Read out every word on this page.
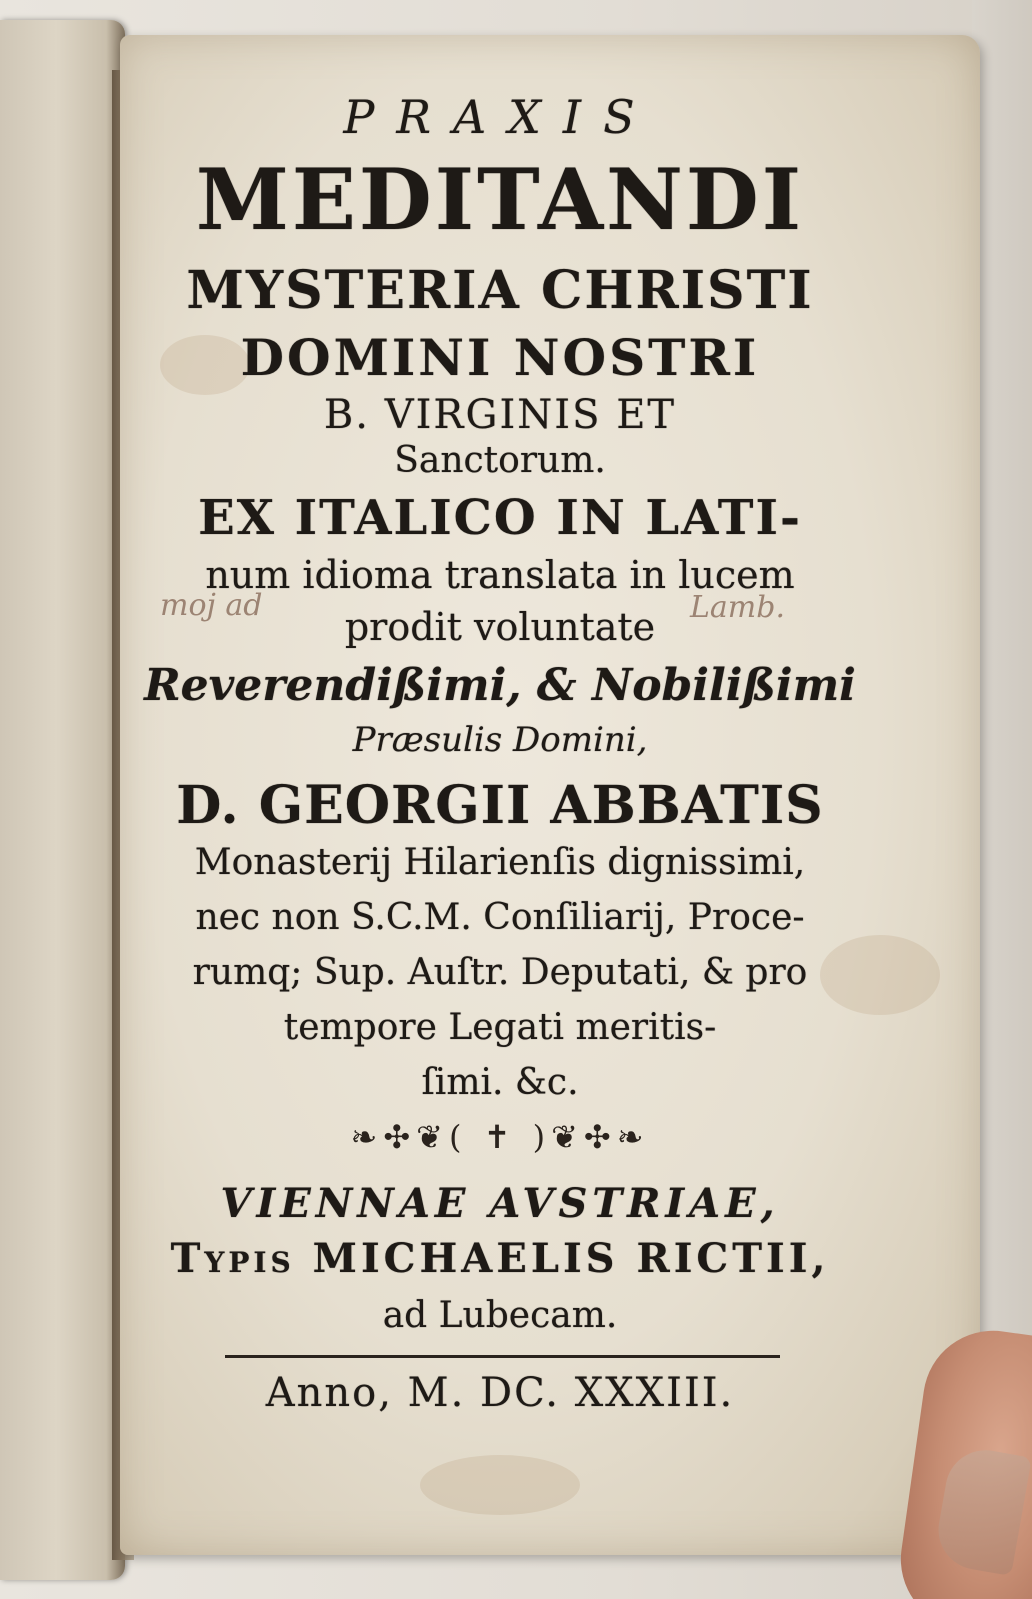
PRAXIS
MEDITANDI
MYSTERIA CHRISTI
DOMINI NOSTRI
B. VIRGINIS ET
Sanctorum.
EX ITALICO IN LATI-
num idioma translata in lucem
prodit voluntate
Reverendißimi, & Nobilißimi
Præsulis Domini,
D. GEORGII ABBATIS
Monasterij Hilarienſis dignissimi,
nec non S.C.M. Conſiliarij, Proce-
rumq; Sup. Auſtr. Deputati, & pro
tempore Legati meritis-
ſimi. &c.
❧✣❦( ✝ )❦✣❧
VIENNAE AVSTRIAE,
Typis MICHAELIS RICTII,
ad Lubecam.
Anno, M. DC. XXXIII.
moj ad	Lamb.
